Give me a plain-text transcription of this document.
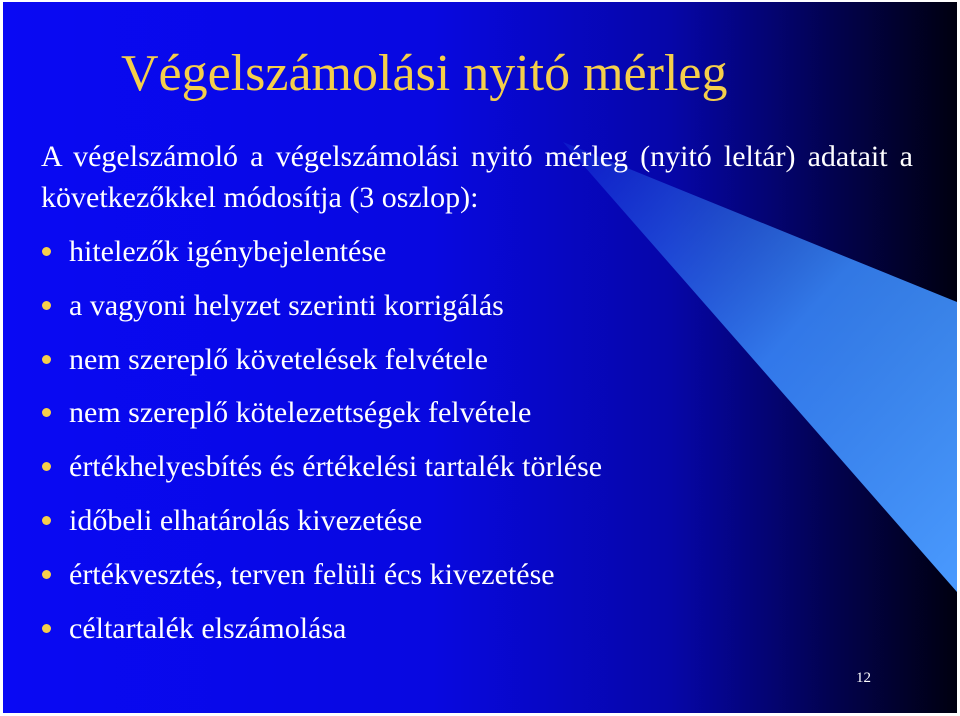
Végelszámolási nyitó mérleg

A végelszámoló a végelszámolási nyitó mérleg (nyitó leltár) adatait a következőkkel módosítja (3 oszlop):

hitelezők igénybejelentése
a vagyoni helyzet szerinti korrigálás
nem szereplő követelések felvétele
nem szereplő kötelezettségek felvétele
értékhelyesbítés és értékelési tartalék törlése
időbeli elhatárolás kivezetése
értékvesztés, terven felüli écs kivezetése
céltartalék elszámolása
12
